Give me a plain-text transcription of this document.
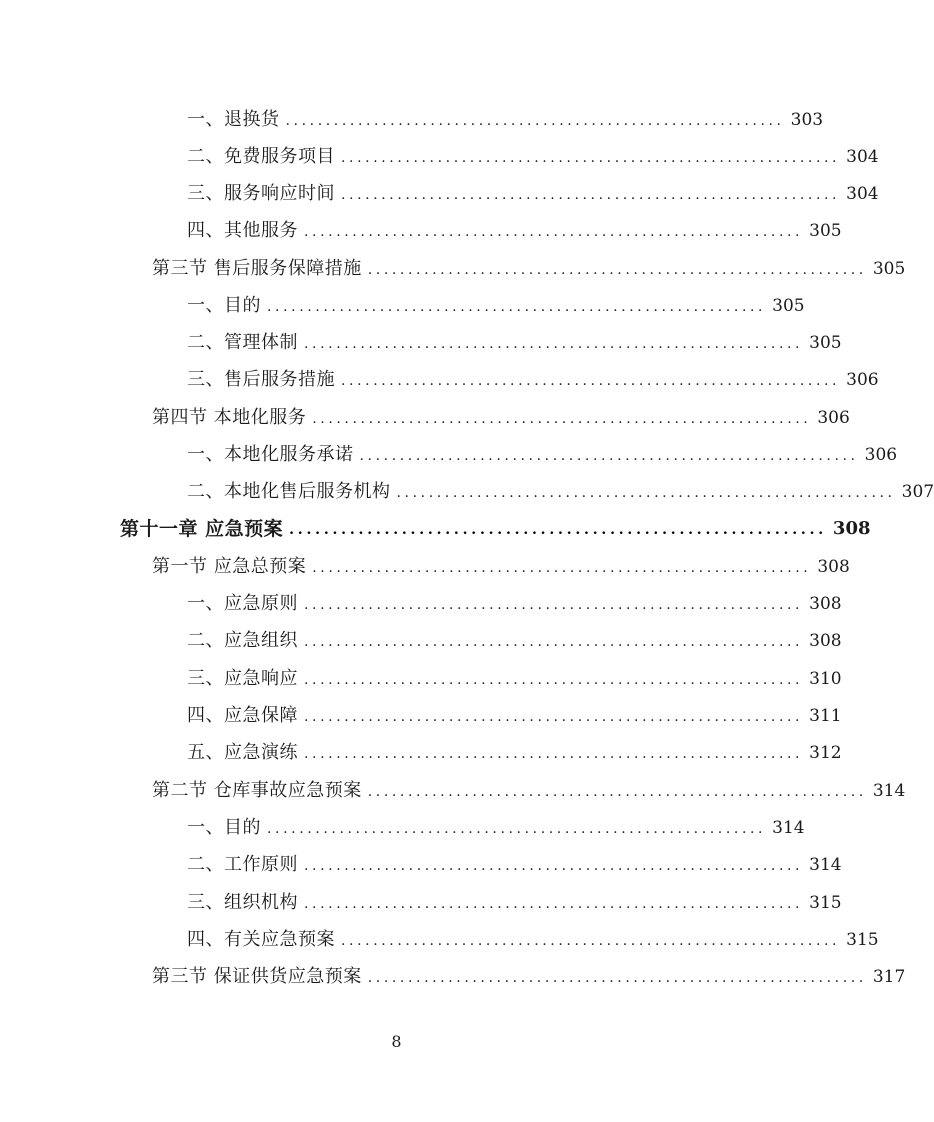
一、退换货 .............................................................. 303
二、免费服务项目 .............................................................. 304
三、服务响应时间 .............................................................. 304
四、其他服务 .............................................................. 305
第三节 售后服务保障措施 .............................................................. 305
一、目的 .............................................................. 305
二、管理体制 .............................................................. 305
三、售后服务措施 .............................................................. 306
第四节 本地化服务 .............................................................. 306
一、本地化服务承诺 .............................................................. 306
二、本地化售后服务机构 .............................................................. 307
第十一章 应急预案 .............................................................. 308
第一节 应急总预案 .............................................................. 308
一、应急原则 .............................................................. 308
二、应急组织 .............................................................. 308
三、应急响应 .............................................................. 310
四、应急保障 .............................................................. 311
五、应急演练 .............................................................. 312
第二节 仓库事故应急预案 .............................................................. 314
一、目的 .............................................................. 314
二、工作原则 .............................................................. 314
三、组织机构 .............................................................. 315
四、有关应急预案 .............................................................. 315
第三节 保证供货应急预案 .............................................................. 317
8
